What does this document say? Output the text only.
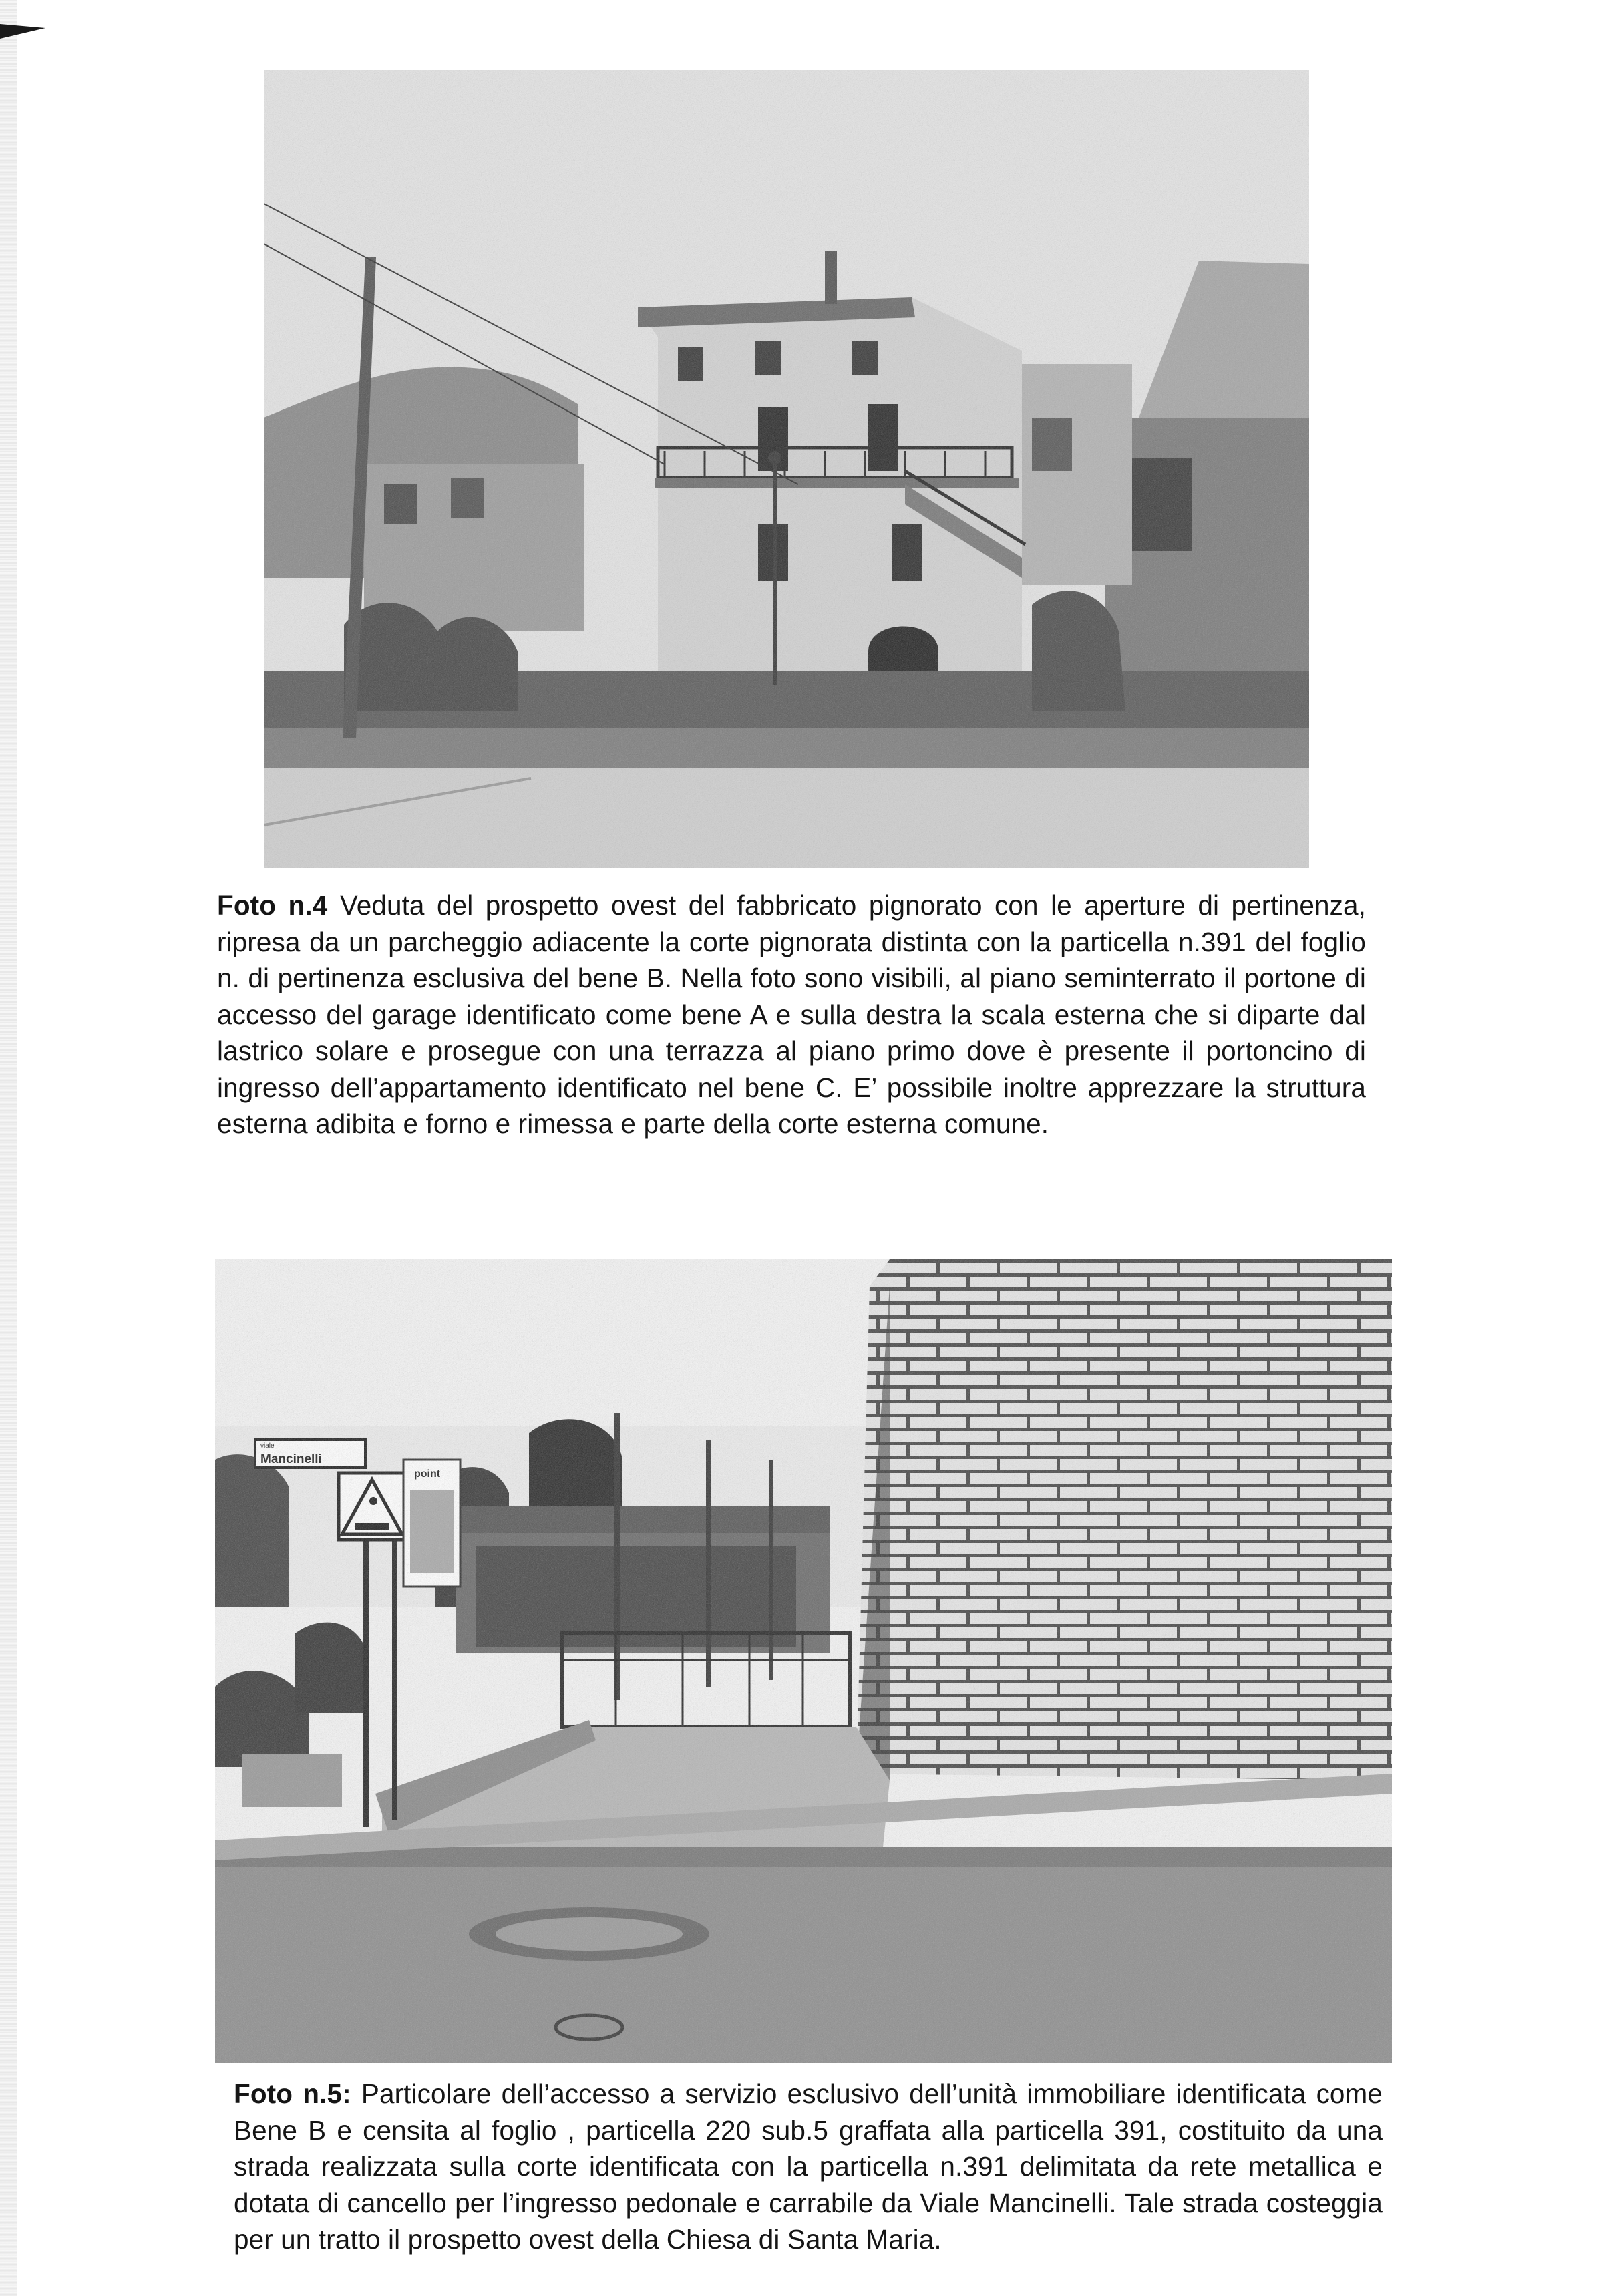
Foto n.4 Veduta del prospetto ovest del fabbricato pignorato con le aperture di pertinenza, ripresa da un parcheggio adiacente la corte pignorata distinta con la particella n.391 del foglio n. di pertinenza esclusiva del bene B. Nella foto sono visibili, al piano seminterrato il portone di accesso del garage identificato come bene A e sulla destra la scala esterna che si diparte dal lastrico solare e prosegue con una terrazza al piano primo dove è presente il portoncino di ingresso dell’appartamento identificato nel bene C. E’ possibile inoltre apprezzare la struttura esterna adibita e forno e rimessa e parte della corte esterna comune.
Foto n.5: Particolare dell’accesso a servizio esclusivo dell’unità immobiliare identificata come Bene B e censita al foglio , particella 220 sub.5 graffata alla particella 391, costituito da una strada realizzata sulla corte identificata con la particella n.391 delimitata da rete metallica e dotata di cancello per l’ingresso pedonale e carrabile da Viale Mancinelli. Tale strada costeggia per un tratto il prospetto ovest della Chiesa di Santa Maria.
